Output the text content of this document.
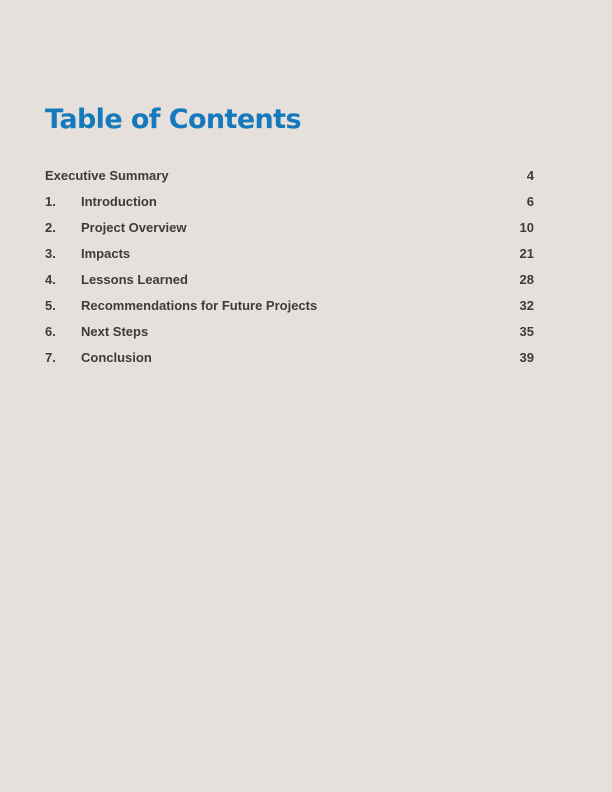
Table of Contents
Executive Summary	4
1. Introduction	6
2. Project Overview	10
3. Impacts	21
4. Lessons Learned	28
5. Recommendations for Future Projects	32
6. Next Steps	35
7. Conclusion	39
